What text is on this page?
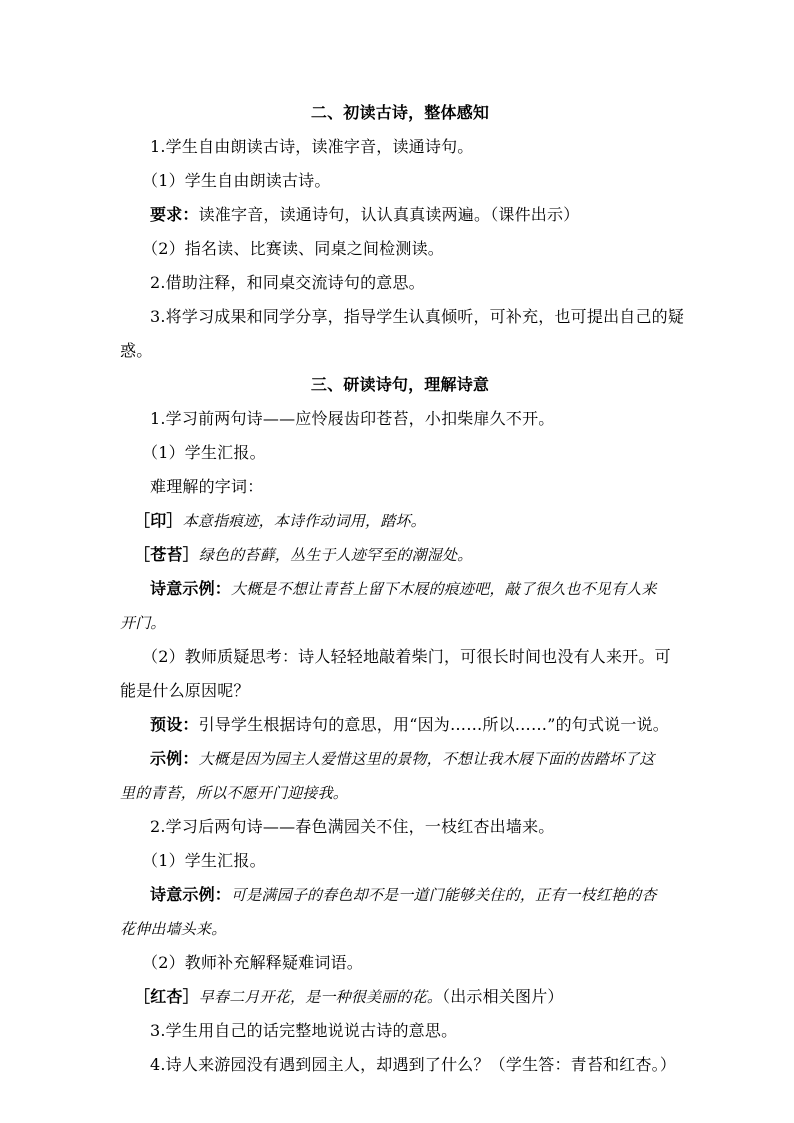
二、初读古诗，整体感知
1.学生自由朗读古诗，读准字音，读通诗句。
（1）学生自由朗读古诗。
要求：读准字音，读通诗句，认认真真读两遍。（课件出示）
（2）指名读、比赛读、同桌之间检测读。
2.借助注释，和同桌交流诗句的意思。
3.将学习成果和同学分享，指导学生认真倾听，可补充，也可提出自己的疑
惑。
三、研读诗句，理解诗意
1.学习前两句诗——应怜屐齿印苍苔，小扣柴扉久不开。
（1）学生汇报。
难理解的字词：
［印］本意指痕迹，本诗作动词用，踏坏。
［苍苔］绿色的苔藓，丛生于人迹罕至的潮湿处。
诗意示例：大概是不想让青苔上留下木屐的痕迹吧，敲了很久也不见有人来
开门。
（2）教师质疑思考：诗人轻轻地敲着柴门，可很长时间也没有人来开。可
能是什么原因呢？
预设：引导学生根据诗句的意思，用“因为……所以……”的句式说一说。
示例：大概是因为园主人爱惜这里的景物，不想让我木屐下面的齿踏坏了这
里的青苔，所以不愿开门迎接我。
2.学习后两句诗——春色满园关不住，一枝红杏出墙来。
（1）学生汇报。
诗意示例：可是满园子的春色却不是一道门能够关住的，正有一枝红艳的杏
花伸出墙头来。
（2）教师补充解释疑难词语。
［红杏］早春二月开花，是一种很美丽的花。（出示相关图片）
3.学生用自己的话完整地说说古诗的意思。
4.诗人来游园没有遇到园主人，却遇到了什么？（学生答：青苔和红杏。）
